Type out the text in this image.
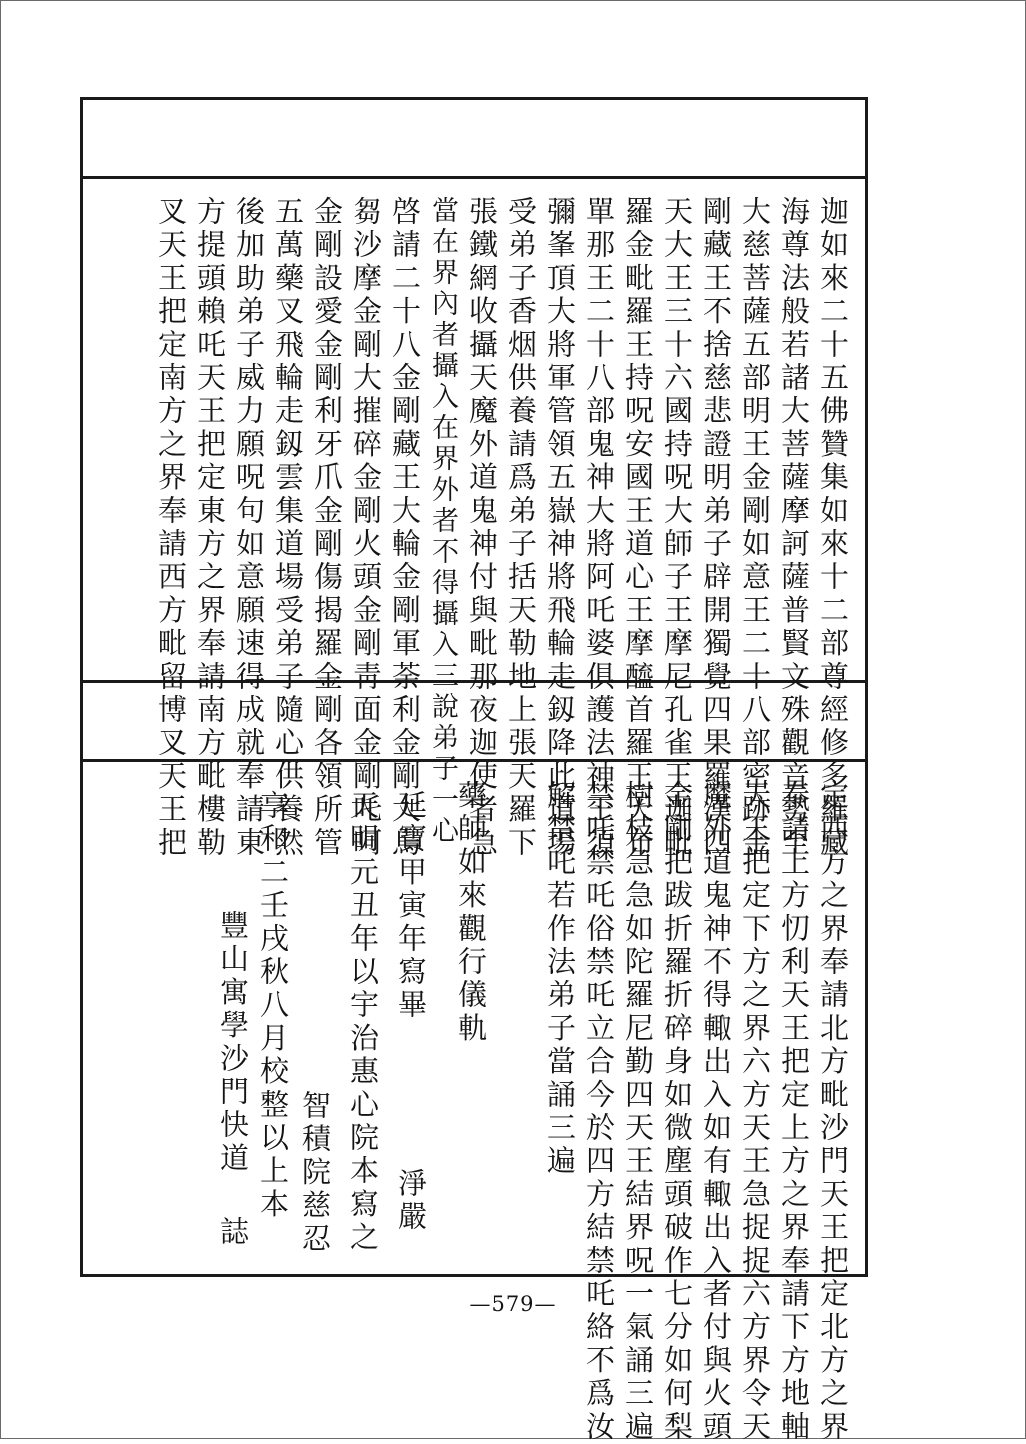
迦如來二十五佛贊集如來十二部尊經修多羅藏
海尊法般若諸大菩薩摩訶薩普賢文殊觀音勢至
大慈菩薩五部明王金剛如意王二十八部密跡金
剛藏王不捨慈悲證明弟子辟開獨覺四果羅漢四
天大王三十六國持呪大師子王摩尼孔雀王迦毗
羅金毗羅王持呪安國王道心王摩醯首羅王天布
單那王二十八部鬼神大將阿吒婆俱護法神王須
彌峯頂大將軍管領五嶽神將飛輪走釼降此道場
受弟子香烟供養請爲弟子括天勒地上張天羅下
張鐵網收攝天魔外道鬼神付與毗那夜迦使者急
當在界內者攝入在界外者不得攝入三說弟子一心
啓請二十八金剛藏王大輪金剛軍荼利金剛大烏
芻沙摩金剛大摧碎金剛火頭金剛靑面金剛吒呵
金剛設愛金剛利牙爪金剛傷揭羅金剛各領所管
五萬藥叉飛輪走釼雲集道場受弟子隨心供養然
後加助弟子威力願呪句如意願速得成就奉請東
方提頭賴吒天王把定東方之界奉請南方毗樓勒
叉天王把定南方之界奉請西方毗留博叉天王把
定西方之界奉請北方毗沙門天王把定北方之界
奉請上方忉利天王把定上方之界奉請下方地軸
天王把定下方之界六方天王急捉捉六方界令天
魔外道鬼神不得輙出入如有輙出入者付與火頭
金剛把跋折羅折碎身如微塵頭破作七分如何梨
樹枝急急如陀羅尼勤四天王結界呪一氣誦三遍
禁吒禁吒俗禁吒立合今於四方結禁吒絡不爲汝
解禁吒若作法弟子當誦三遍
藥師如來觀行儀軌
延寶甲寅年寫畢
淨嚴
天明元丑年以宇治惠心院本寫之
智積院慈忍
享和二壬戌秋八月校整以上本
豐山寓學沙門快道
誌
—579—
